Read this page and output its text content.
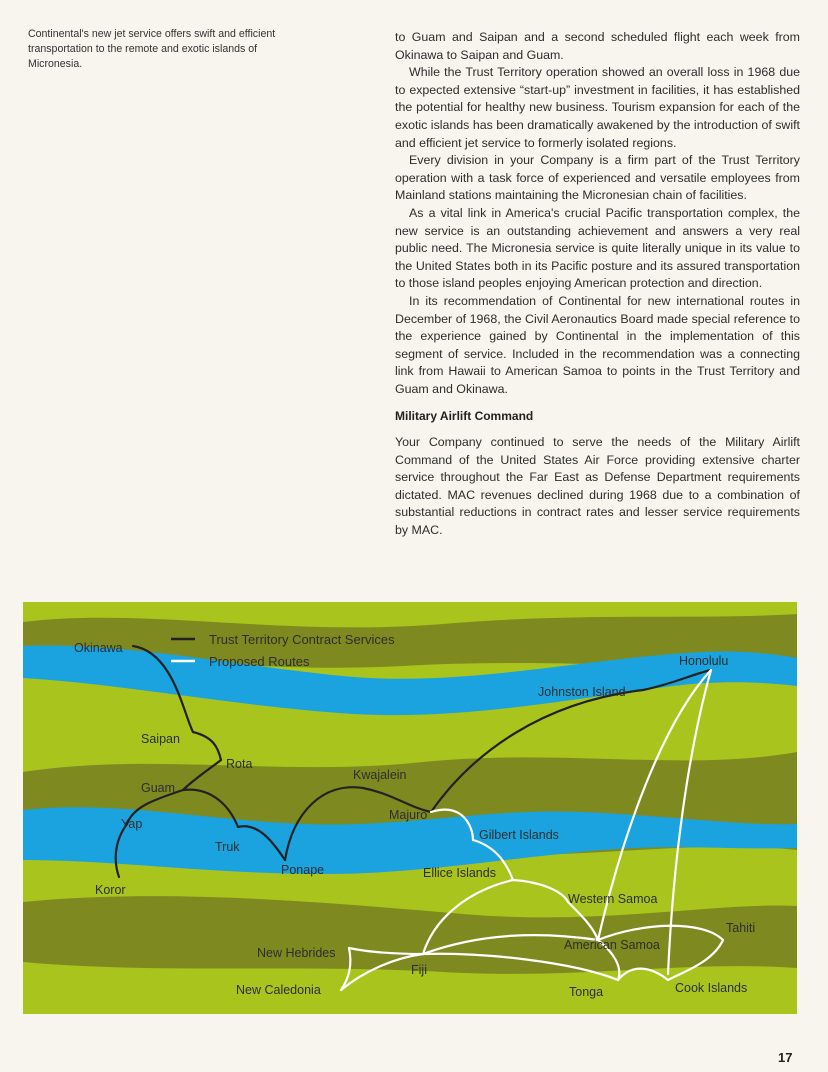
Continental's new jet service offers swift and efficient transportation to the remote and exotic islands of Micronesia.

to Guam and Saipan and a second scheduled flight each week from Okinawa to Saipan and Guam.

While the Trust Territory operation showed an overall loss in 1968 due to expected extensive “start-up” investment in facilities, it has established the potential for healthy new business. Tourism expansion for each of the exotic islands has been dramatically awakened by the introduction of swift and efficient jet service to formerly isolated regions.

Every division in your Company is a firm part of the Trust Territory operation with a task force of experienced and versatile employees from Mainland stations maintaining the Micronesian chain of facilities.

As a vital link in America's crucial Pacific transportation complex, the new service is an outstanding achievement and answers a very real public need. The Micronesia service is quite literally unique in its value to the United States both in its Pacific posture and its assured transportation to those island peoples enjoying American protection and direction.

In its recommendation of Continental for new international routes in December of 1968, the Civil Aeronautics Board made special reference to the experience gained by Continental in the implementation of this segment of service. Included in the recommendation was a connecting link from Hawaii to American Samoa to points in the Trust Territory and Guam and Okinawa.

Military Airlift Command

Your Company continued to serve the needs of the Military Airlift Command of the United States Air Force providing extensive charter service throughout the Far East as Defense Department requirements dictated. MAC revenues declined during 1968 due to a combination of substantial reductions in contract rates and lesser service requirements by MAC.

Trust Territory Contract Services
Proposed Routes
Okinawa
Saipan
Rota
Guam
Yap
Koror
Truk
Ponape
Kwajalein
Majuro
Johnston Island
Honolulu
Gilbert Islands
Ellice Islands
Western Samoa
American Samoa
Tahiti
New Hebrides
Fiji
New Caledonia	Tonga	Cook Islands
17
